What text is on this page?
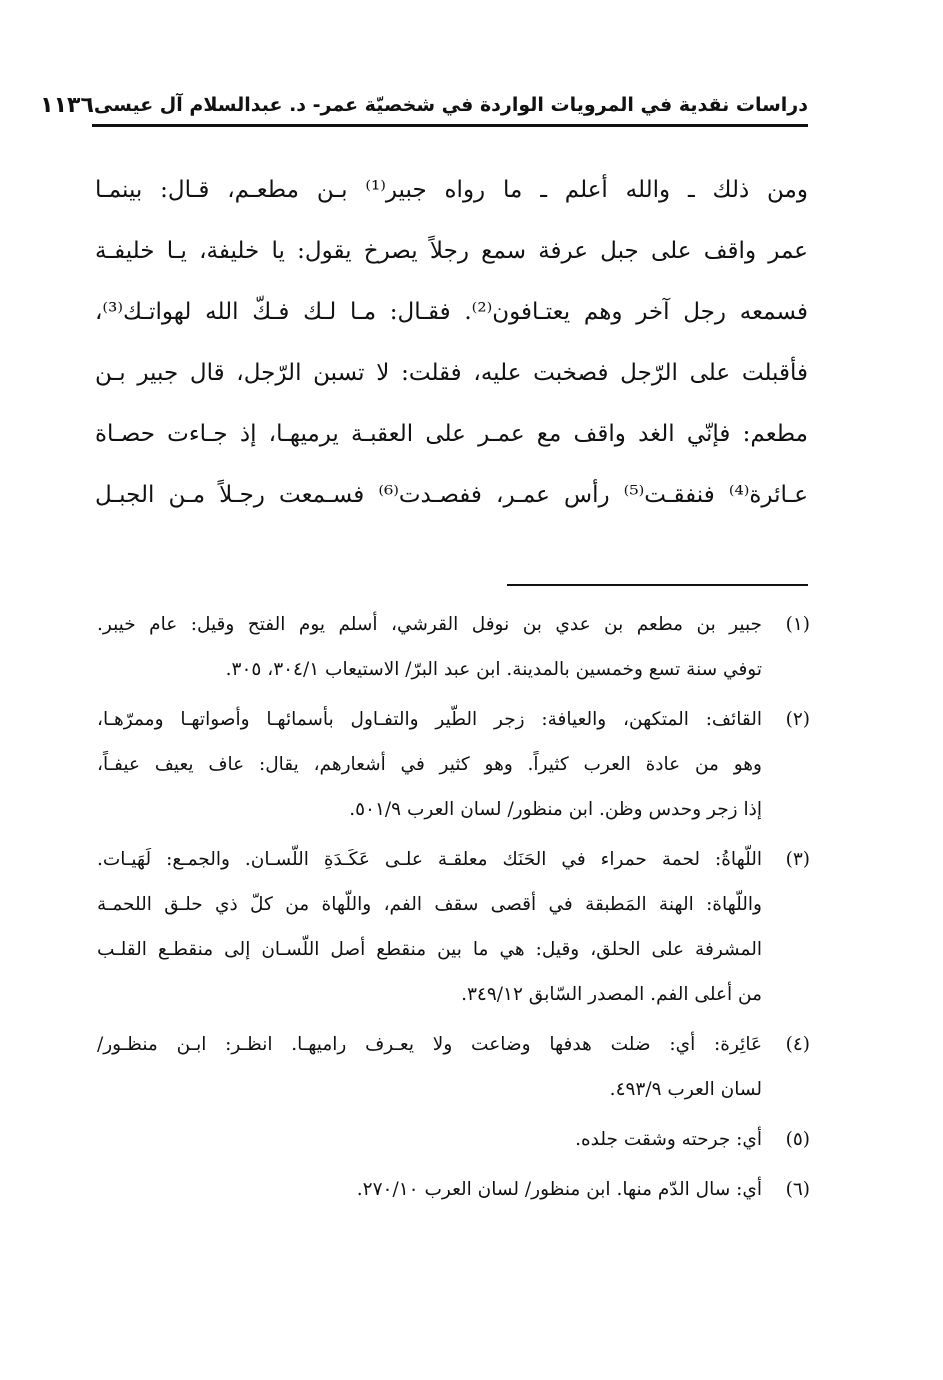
دراسات نقدية في المرويات الواردة في شخصيّة عمر- د. عبدالسلام آل عيسى
١١٣٦
ومن ذلك ـ والله أعلم ـ ما رواه جبير⁽¹⁾ بـن مطعـم، قـال: بينمـا
عمر واقف على جبل عرفة سمع رجلاً يصرخ يقول: يا خليفة، يـا خليفـة
فسمعه رجل آخر وهم يعتـافون⁽²⁾. فقـال: مـا لـك فـكّ الله لهواتـك⁽³⁾،
فأقبلت على الرّجل فصخبت عليه، فقلت: لا تسبن الرّجل، قال جبير بـن
مطعم: فإنّي الغد واقف مع عمـر على العقبـة يرميهـا، إذ جـاءت حصـاة
عـائرة⁽⁴⁾ فنفقـت⁽⁵⁾ رأس عمـر، ففصـدت⁽⁶⁾ فسـمعت رجـلاً مـن الجبـل
(١)
جبير بن مطعم بن عدي بن نوفل القرشي، أسلم يوم الفتح وقيل: عام خيبر.
توفي سنة تسع وخمسين بالمدينة. ابن عبد البرّ/ الاستيعاب ٣٠٤/١، ٣٠٥.
(٢)
القائف: المتكهن، والعيافة: زجر الطّير والتفـاول بأسمائهـا وأصواتهـا وممرّهـا،
وهو من عادة العرب كثيراً. وهو كثير في أشعارهم، يقال: عاف يعيف عيفـاً،
إذا زجر وحدس وظن. ابن منظور/ لسان العرب ٥٠١/٩.
(٣)
اللّهاةُ: لحمة حمراء في الحَنَك معلقـة علـى عَكَـدَةِ اللّسـان. والجمـع: لَهَيـات.
واللّهاة: الهنة المَطبقة في أقصى سقف الفم، واللّهاة من كلّ ذي حلـق اللحمـة
المشرفة على الحلق، وقيل: هي ما بين منقطع أصل اللّسـان إلى منقطـع القلـب
من أعلى الفم. المصدر السّابق ٣٤٩/١٢.
(٤)
عَائِرة: أي: ضلت هدفها وضاعت ولا يعـرف راميهـا. انظـر: ابـن منظـور/
لسان العرب ٤٩٣/٩.
(٥)
أي: جرحته وشقت جلده.
(٦)
أي: سال الدّم منها. ابن منظور/ لسان العرب ٢٧٠/١٠.
